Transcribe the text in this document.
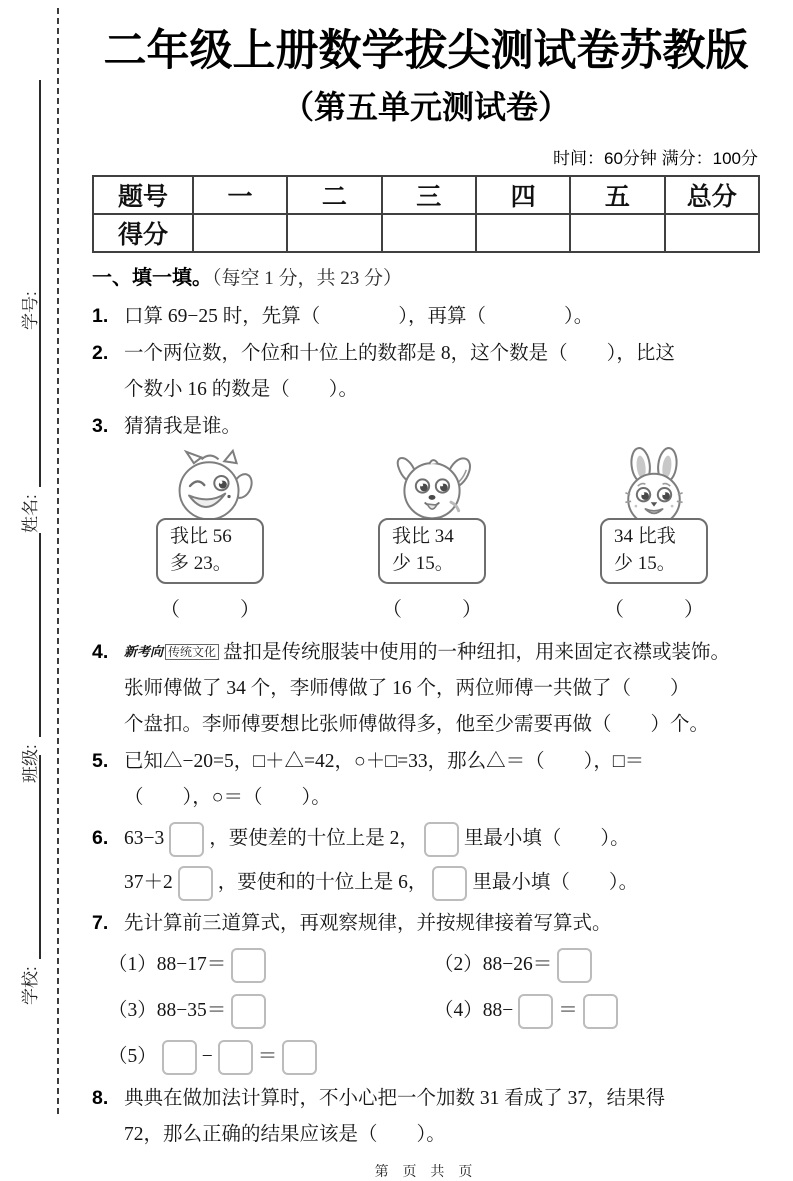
学号:
姓名:
班级:
学校:
二年级上册数学拔尖测试卷苏教版
（第五单元测试卷）
时间：60分钟 满分：100分
题号	一	二	三	四	五	总分
得分						
一、填一填。（每空 1 分，共 23 分）
1. 口算 69−25 时，先算（　　　　），再算（　　　　）。
2. 一个两位数，个位和十位上的数都是 8，这个数是（　　），比这
个数小 16 的数是（　　）。
3. 猜猜我是谁。
我比 56
多 23。
（　　　）
我比 34
少 15。
（　　　）
34 比我
少 15。
（　　　）
4. 新考向 传统文化 盘扣是传统服装中使用的一种纽扣，用来固定衣襟或装饰。
张师傅做了 34 个，李师傅做了 16 个，两位师傅一共做了（　　）
个盘扣。李师傅要想比张师傅做得多，他至少需要再做（　　）个。
5. 已知△−20=5，□＋△=42，○＋□=33，那么△＝（　　），□＝
（　　），○＝（　　）。
6. 63−3 ，要使差的十位上是 2， 里最小填（　　）。
37＋2 ，要使和的十位上是 6， 里最小填（　　）。
7. 先计算前三道算式，再观察规律，并按规律接着写算式。
（1） 88−17＝	（2） 88−26＝
（3） 88−35＝	（4） 88− ＝
（5） − ＝
8. 典典在做加法计算时，不小心把一个加数 31 看成了 37，结果得
72，那么正确的结果应该是（　　）。
第 页 共 页
